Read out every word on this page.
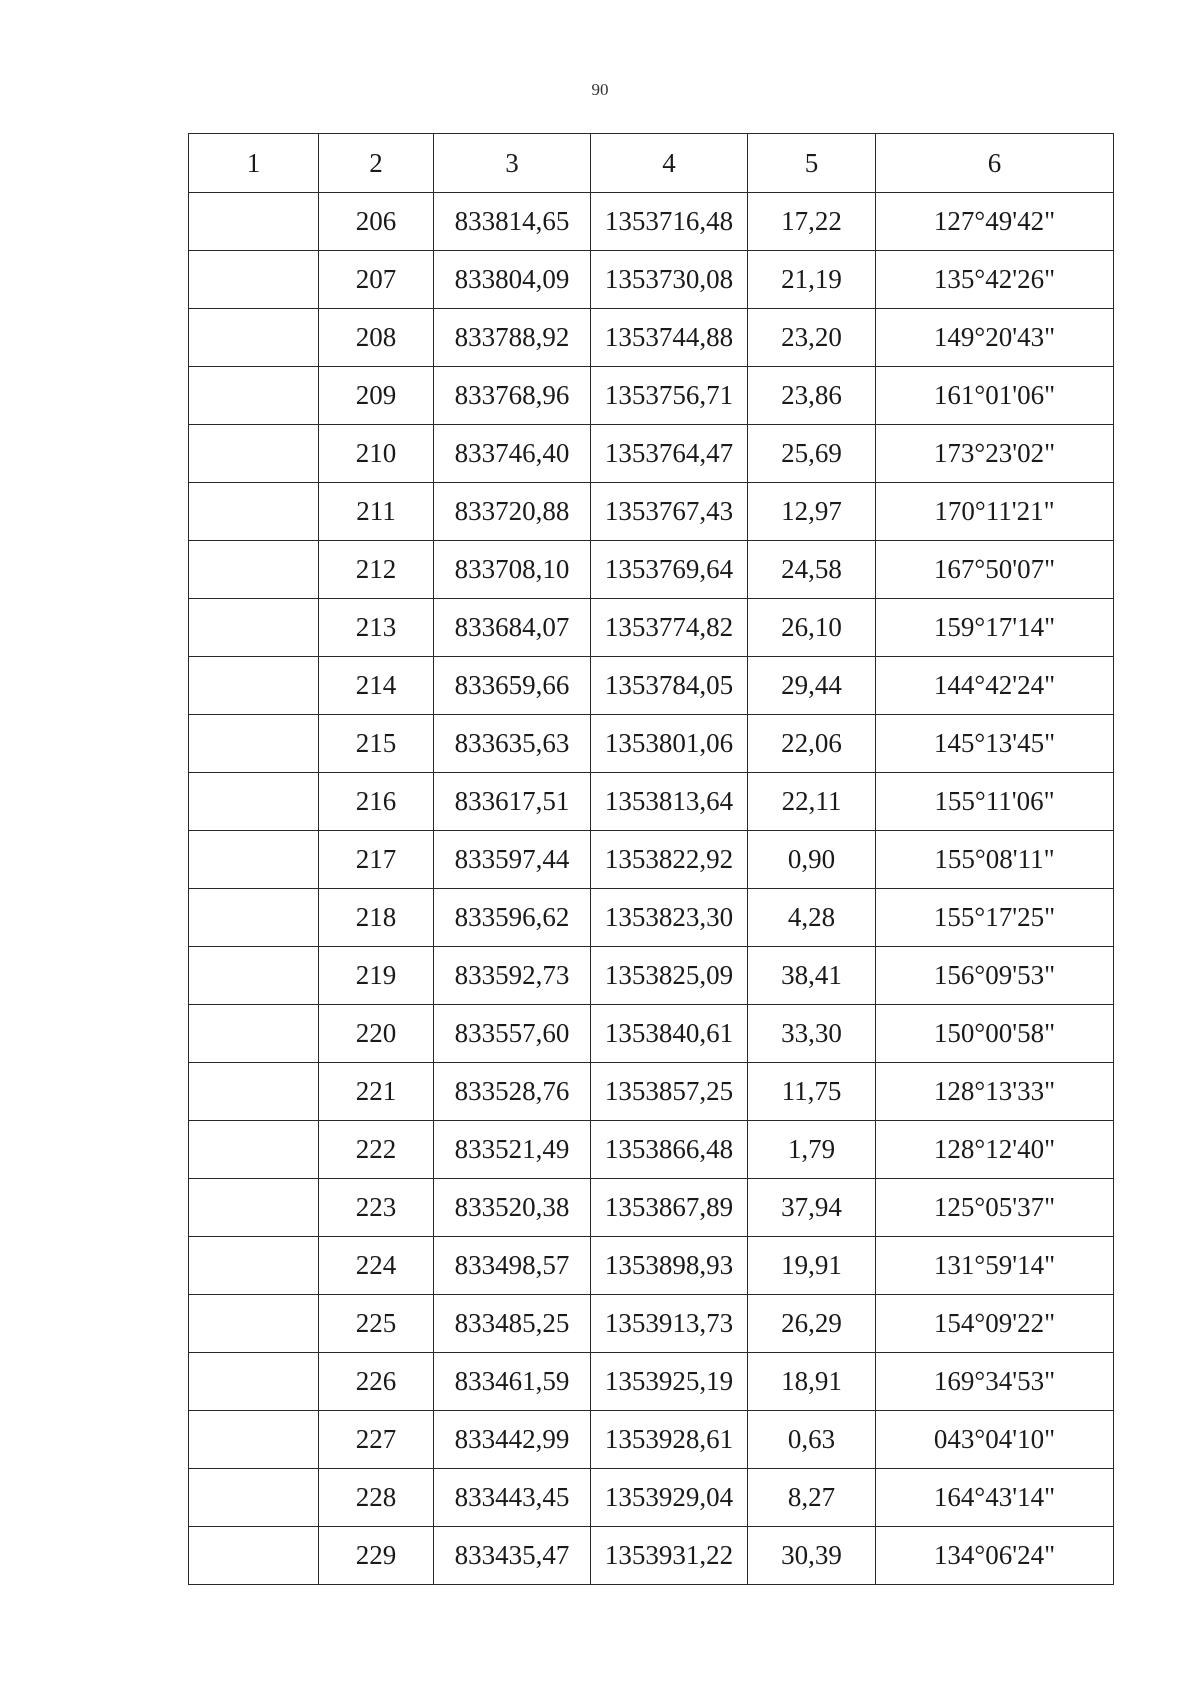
90
1	2	3	4	5	6
	206	833814,65	1353716,48	17,22	127°49'42"
	207	833804,09	1353730,08	21,19	135°42'26"
	208	833788,92	1353744,88	23,20	149°20'43"
	209	833768,96	1353756,71	23,86	161°01'06"
	210	833746,40	1353764,47	25,69	173°23'02"
	211	833720,88	1353767,43	12,97	170°11'21"
	212	833708,10	1353769,64	24,58	167°50'07"
	213	833684,07	1353774,82	26,10	159°17'14"
	214	833659,66	1353784,05	29,44	144°42'24"
	215	833635,63	1353801,06	22,06	145°13'45"
	216	833617,51	1353813,64	22,11	155°11'06"
	217	833597,44	1353822,92	0,90	155°08'11"
	218	833596,62	1353823,30	4,28	155°17'25"
	219	833592,73	1353825,09	38,41	156°09'53"
	220	833557,60	1353840,61	33,30	150°00'58"
	221	833528,76	1353857,25	11,75	128°13'33"
	222	833521,49	1353866,48	1,79	128°12'40"
	223	833520,38	1353867,89	37,94	125°05'37"
	224	833498,57	1353898,93	19,91	131°59'14"
	225	833485,25	1353913,73	26,29	154°09'22"
	226	833461,59	1353925,19	18,91	169°34'53"
	227	833442,99	1353928,61	0,63	043°04'10"
	228	833443,45	1353929,04	8,27	164°43'14"
	229	833435,47	1353931,22	30,39	134°06'24"
